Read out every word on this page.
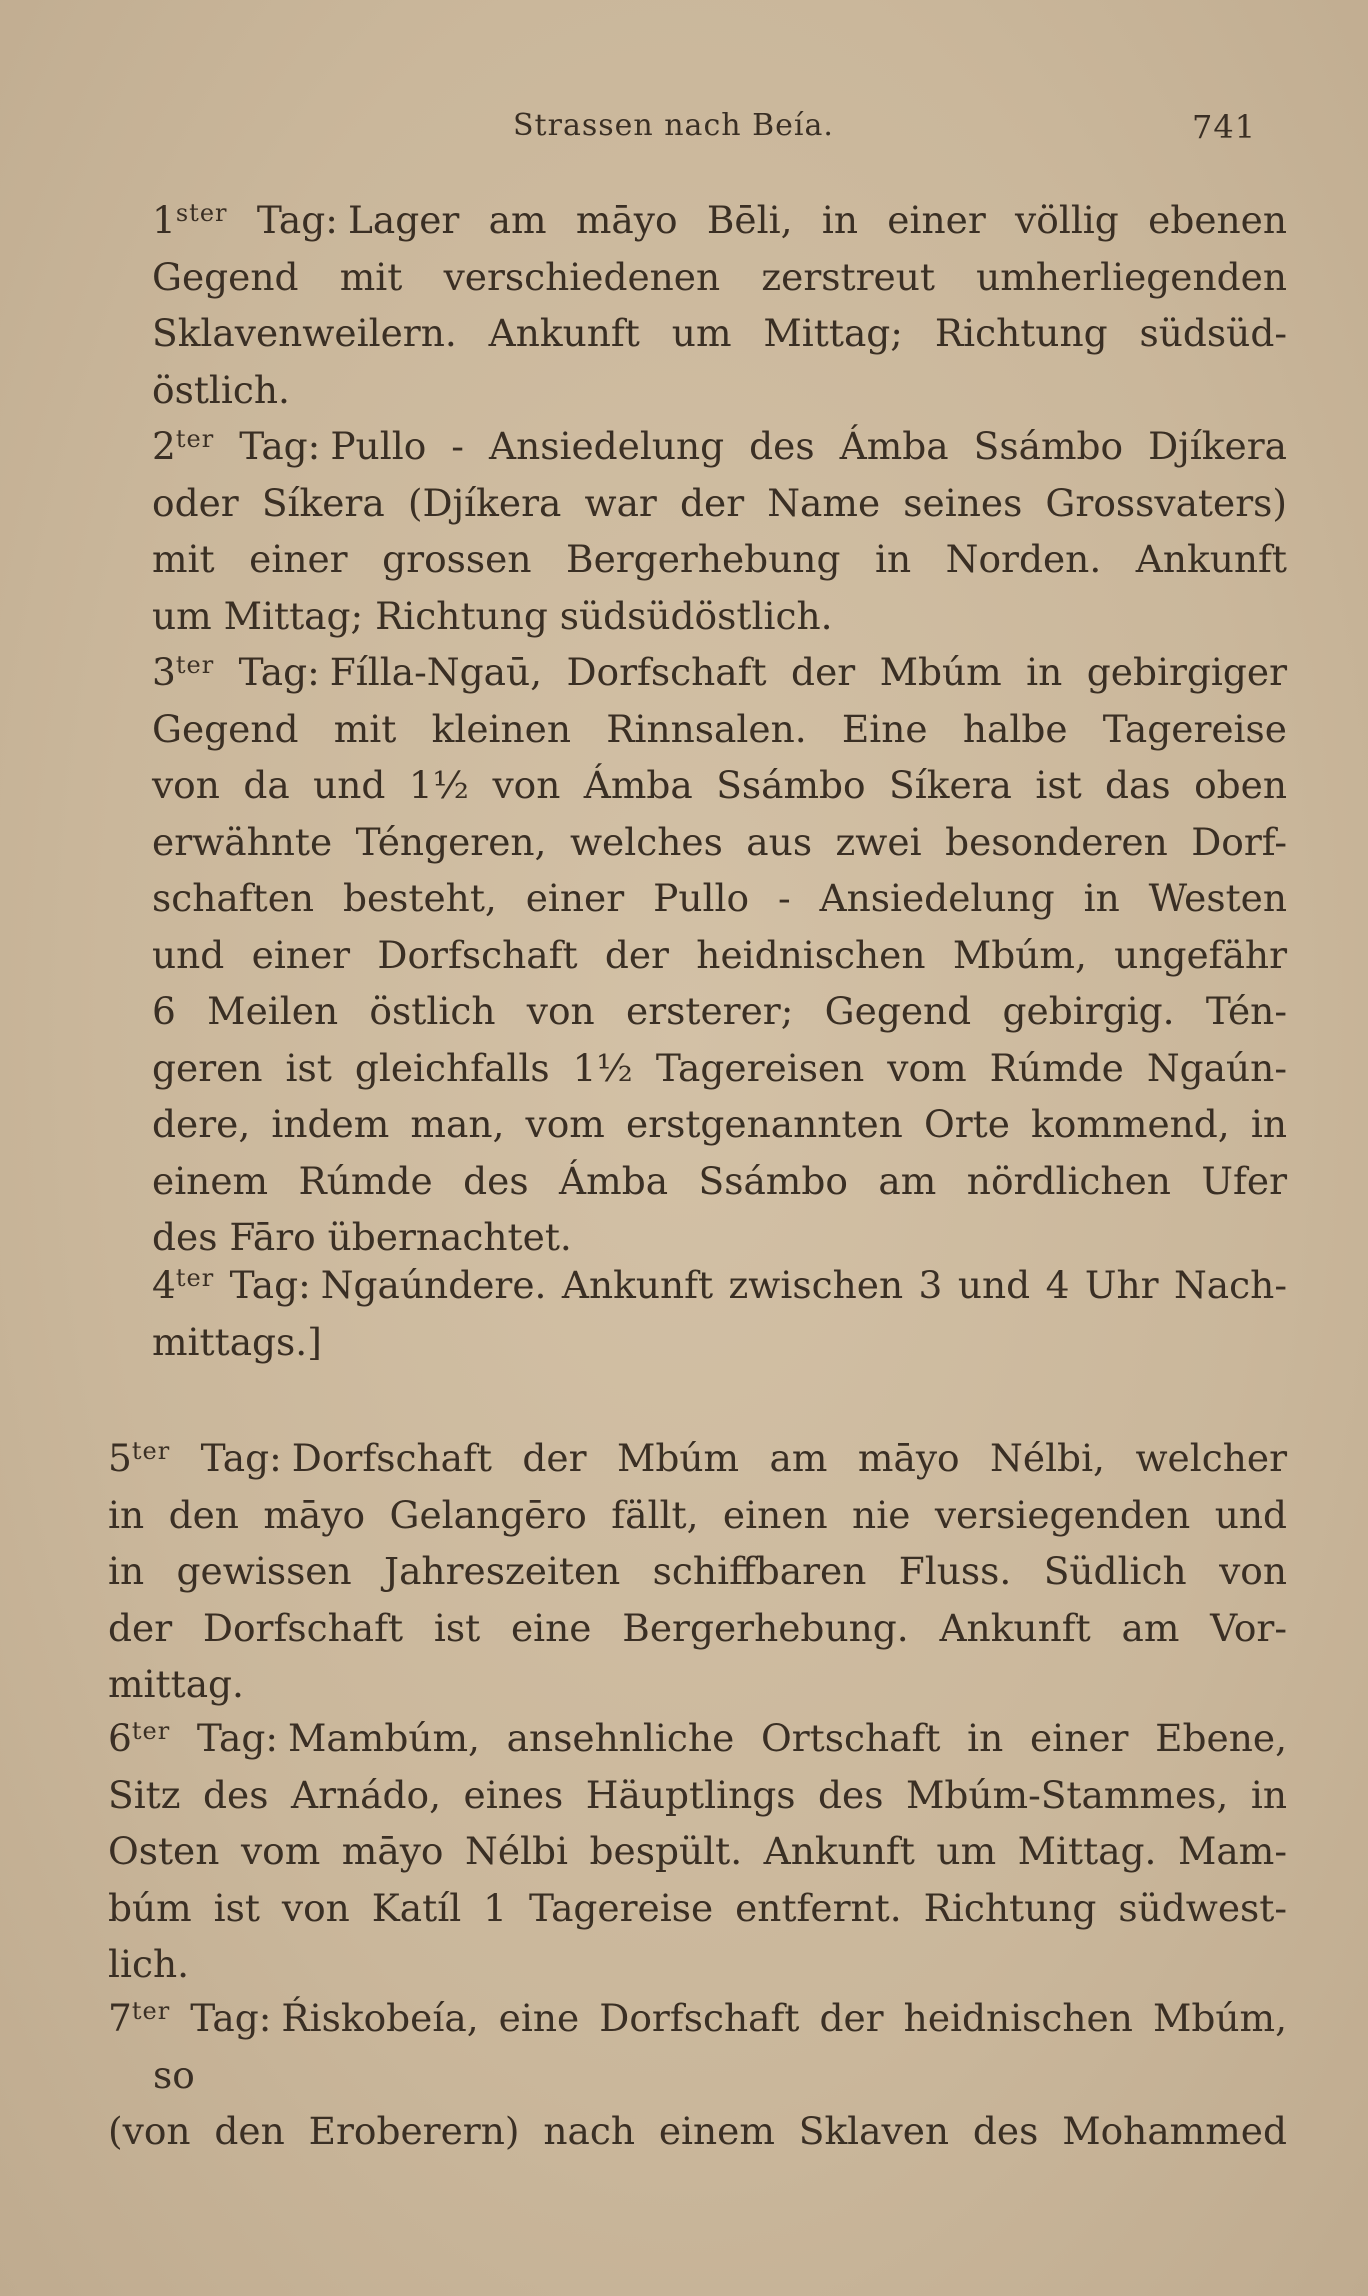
Strassen nach Beía.	741
$1^{ster}$ Tag: Lager am māyo Bēli, in einer völlig ebenen
Gegend mit verschiedenen zerstreut umherliegenden
Sklavenweilern. Ankunft um Mittag; Richtung südsüd-
östlich.
$2^{ter}$ Tag: Pullo - Ansiedelung des Ámba Ssámbo Djíkera
oder Síkera (Djíkera war der Name seines Grossvaters)
mit einer grossen Bergerhebung in Norden. Ankunft
um Mittag; Richtung südsüdöstlich.
$3^{ter}$ Tag: Fílla-Ngaū, Dorfschaft der Mbúm in gebirgiger
Gegend mit kleinen Rinnsalen. Eine halbe Tagereise
von da und 1½ von Ámba Ssámbo Síkera ist das oben
erwähnte Téngeren, welches aus zwei besonderen Dorf-
schaften besteht, einer Pullo - Ansiedelung in Westen
und einer Dorfschaft der heidnischen Mbúm, ungefähr
6 Meilen östlich von ersterer; Gegend gebirgig. Tén-
geren ist gleichfalls 1½ Tagereisen vom Rúmde Ngaún-
dere, indem man, vom erstgenannten Orte kommend, in
einem Rúmde des Ámba Ssámbo am nördlichen Ufer
des Fāro übernachtet.
$4^{ter}$ Tag: Ngaúndere. Ankunft zwischen 3 und 4 Uhr Nach-
mittags.]
$5^{ter}$ Tag: Dorfschaft der Mbúm am māyo Nélbi, welcher
in den māyo Gelangēro fällt, einen nie versiegenden und
in gewissen Jahreszeiten schiffbaren Fluss. Südlich von
der Dorfschaft ist eine Bergerhebung. Ankunft am Vor-
mittag.
$6^{ter}$ Tag: Mambúm, ansehnliche Ortschaft in einer Ebene,
Sitz des Arnádo, eines Häuptlings des Mbúm-Stammes, in
Osten vom māyo Nélbi bespült. Ankunft um Mittag. Mam-
búm ist von Katíl 1 Tagereise entfernt. Richtung südwest-
lich.
$7^{ter}$ Tag: Ŕiskobeía, eine Dorfschaft der heidnischen Mbúm, so
(von den Eroberern) nach einem Sklaven des Mohammed
